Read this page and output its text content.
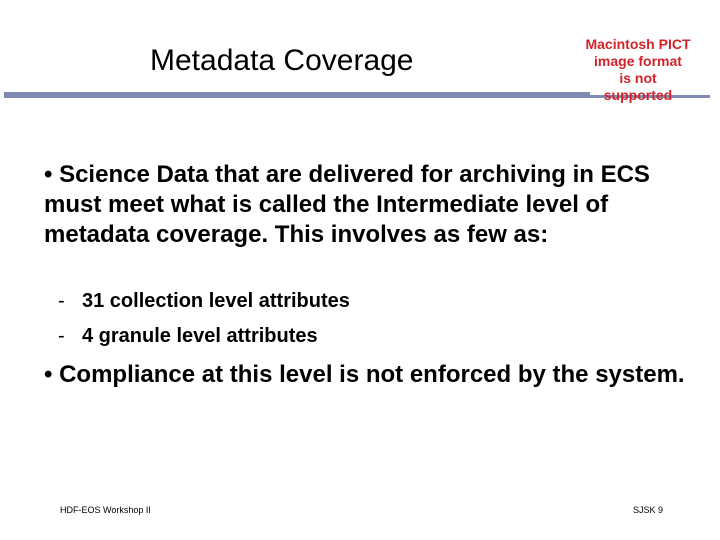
Metadata Coverage	Macintosh PICT
image format
is not supported
• Science Data that are delivered for archiving in ECS must meet what is called the Intermediate level of metadata coverage. This involves as few as:
- 31 collection level attributes
- 4 granule level attributes
• Compliance at this level is not enforced by the system.
HDF-EOS Workshop II	SJSK 9
